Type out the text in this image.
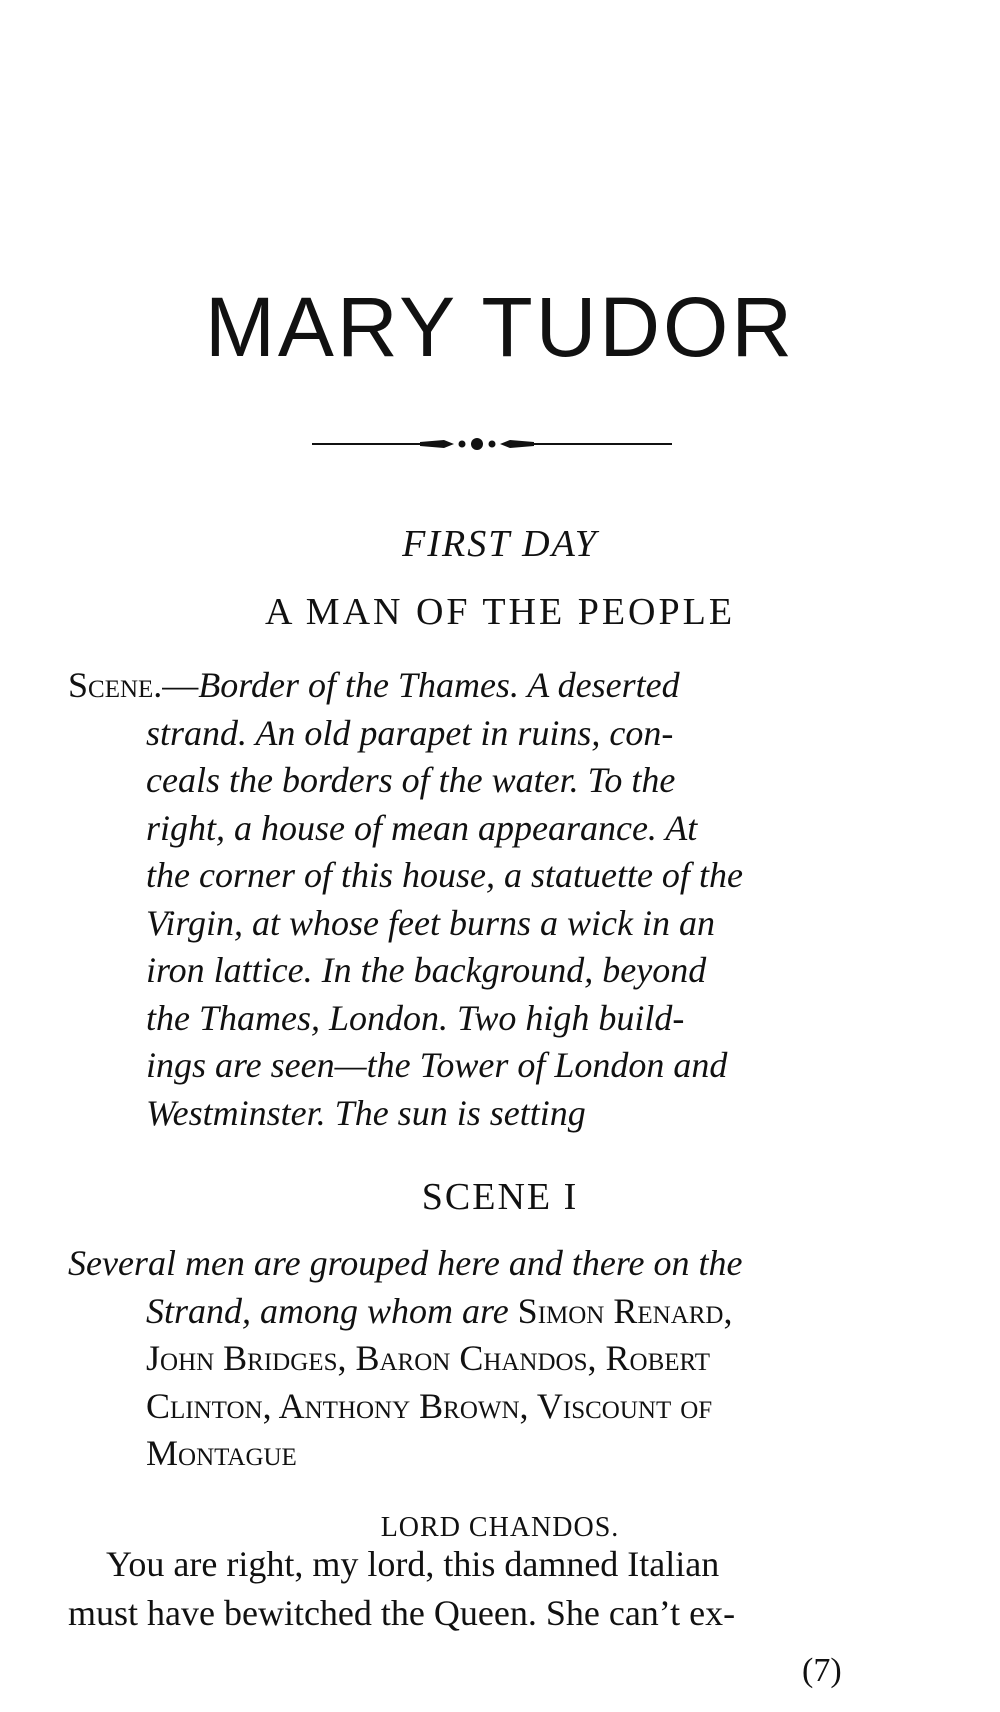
MARY TUDOR
FIRST DAY
A MAN OF THE PEOPLE
Scene.—Border of the Thames. A deserted
strand. An old parapet in ruins, con-
ceals the borders of the water. To the
right, a house of mean appearance. At
the corner of this house, a statuette of the
Virgin, at whose feet burns a wick in an
iron lattice. In the background, beyond
the Thames, London. Two high build-
ings are seen—the Tower of London and
Westminster. The sun is setting
SCENE I
Several men are grouped here and there on the
Strand, among whom are Simon Renard,
John Bridges, Baron Chandos, Robert
Clinton, Anthony Brown, Viscount of
Montague
LORD CHANDOS.
You are right, my lord, this damned Italian
must have bewitched the Queen. She can’t ex-
(7)
